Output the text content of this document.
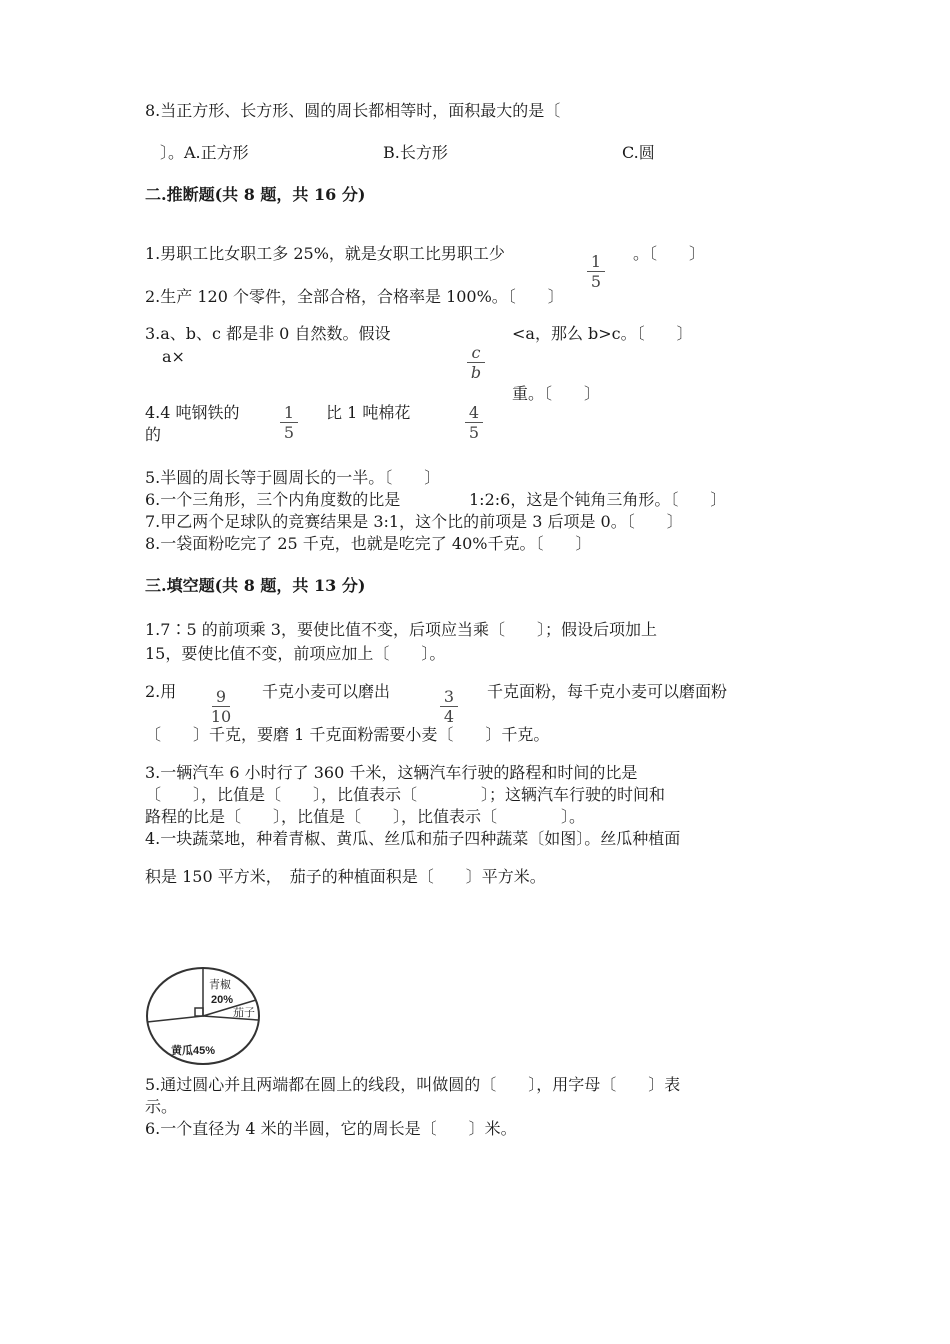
8.当正方形、长方形、圆的周长都相等时，面积最大的是〔
〕。A.正方形	B.长方形	C.圆
二.推断题(共 8 题，共 16 分)
1.男职工比女职工多 25%，就是女职工比男职工少	1
5
。〔　　〕
2.生产 120 个零件，全部合格，合格率是 100%。〔　　〕
3.a、b、c 都是非 0 自然数。假设
a×	c
b
<a，那么 b>c。〔　　〕
重。〔　　〕
4.4 吨钢铁的
的
1
5
比 1 吨棉花	4
5
5.半圆的周长等于圆周长的一半。〔　　〕
6.一个三角形，三个内角度数的比是	1:2:6，这是个钝角三角形。〔　　〕
7.甲乙两个足球队的竞赛结果是 3:1，这个比的前项是 3 后项是 0。〔　　〕
8.一袋面粉吃完了 25 千克，也就是吃完了 40%千克。〔　　〕
三.填空题(共 8 题，共 13 分)
1.7∶5 的前项乘 3，要使比值不变，后项应当乘〔　　〕；假设后项加上
15，要使比值不变，前项应加上〔　　〕。
2.用	9
10
千克小麦可以磨出	3
4
千克面粉，每千克小麦可以磨面粉
〔　　〕千克，要磨 1 千克面粉需要小麦〔　　〕千克。
3.一辆汽车 6 小时行了 360 千米，这辆汽车行驶的路程和时间的比是
〔　　〕，比值是〔　　〕，比值表示〔　　　　〕；这辆汽车行驶的时间和
路程的比是〔　　〕，比值是〔　　〕，比值表示〔　　　　〕。
4.一块蔬菜地，种着青椒、黄瓜、丝瓜和茄子四种蔬菜〔如图〕。丝瓜种植面
积是 150 平方米，　茄子的种植面积是〔　　〕平方米。
青椒
20%
茄子
黄瓜45%
5.通过圆心并且两端都在圆上的线段，叫做圆的〔　　〕，用字母〔　　〕表
示。
6.一个直径为 4 米的半圆，它的周长是〔　　〕米。
